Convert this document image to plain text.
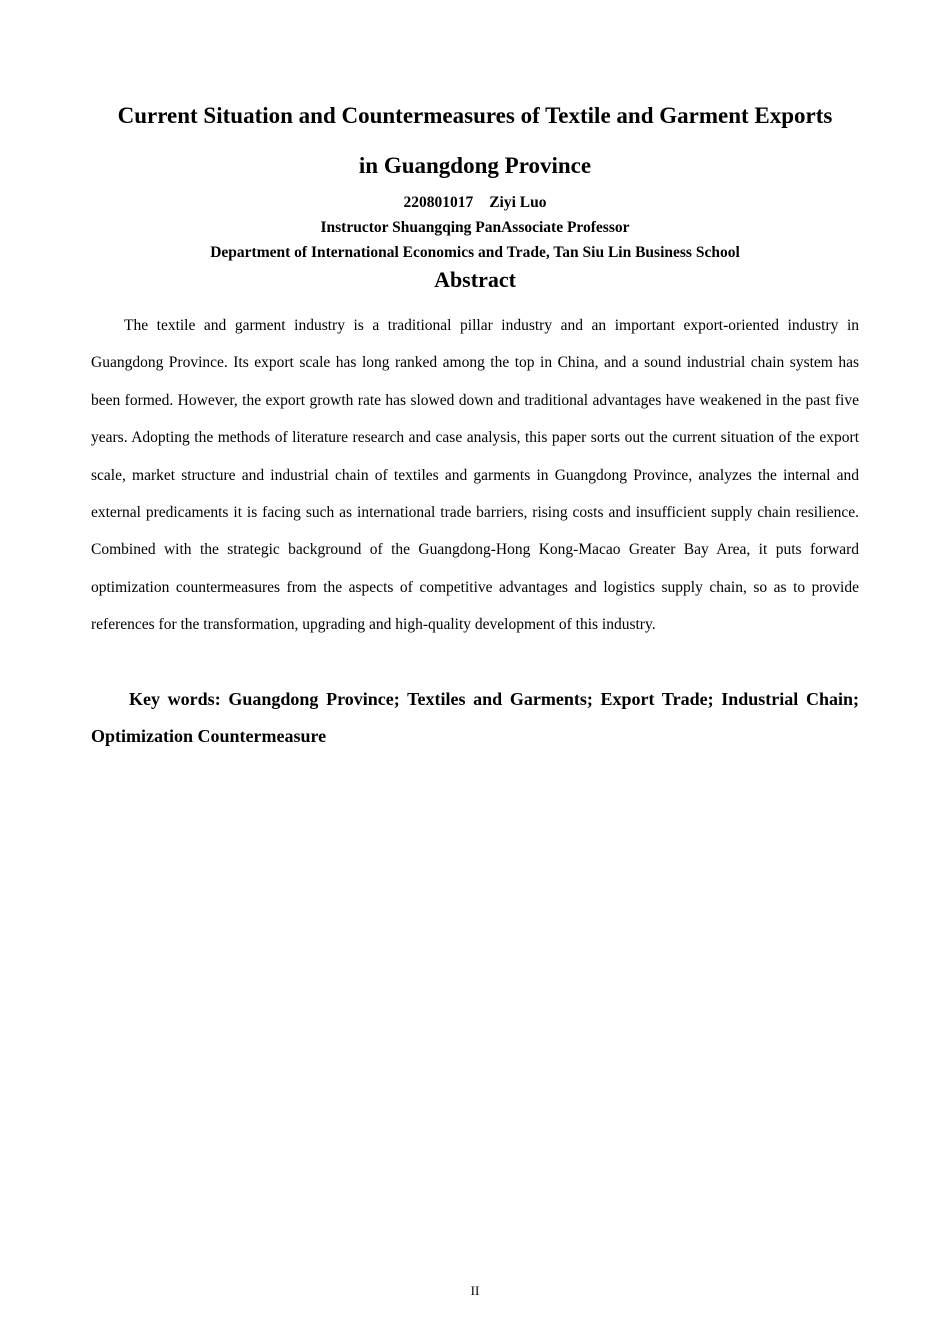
Current Situation and Countermeasures of Textile and Garment Exports
in Guangdong Province

220801017 Ziyi Luo

Instructor Shuangqing PanAssociate Professor

Department of International Economics and Trade, Tan Siu Lin Business School

Abstract

The textile and garment industry is a traditional pillar industry and an important export-oriented industry in Guangdong Province. Its export scale has long ranked among the top in China, and a sound industrial chain system has been formed. However, the export growth rate has slowed down and traditional advantages have weakened in the past five years. Adopting the methods of literature research and case analysis, this paper sorts out the current situation of the export scale, market structure and industrial chain of textiles and garments in Guangdong Province, analyzes the internal and external predicaments it is facing such as international trade barriers, rising costs and insufficient supply chain resilience. Combined with the strategic background of the Guangdong-Hong Kong-Macao Greater Bay Area, it puts forward optimization countermeasures from the aspects of competitive advantages and logistics supply chain, so as to provide references for the transformation, upgrading and high-quality development of this industry.

Key words: Guangdong Province; Textiles and Garments; Export Trade; Industrial Chain; Optimization Countermeasure

II
